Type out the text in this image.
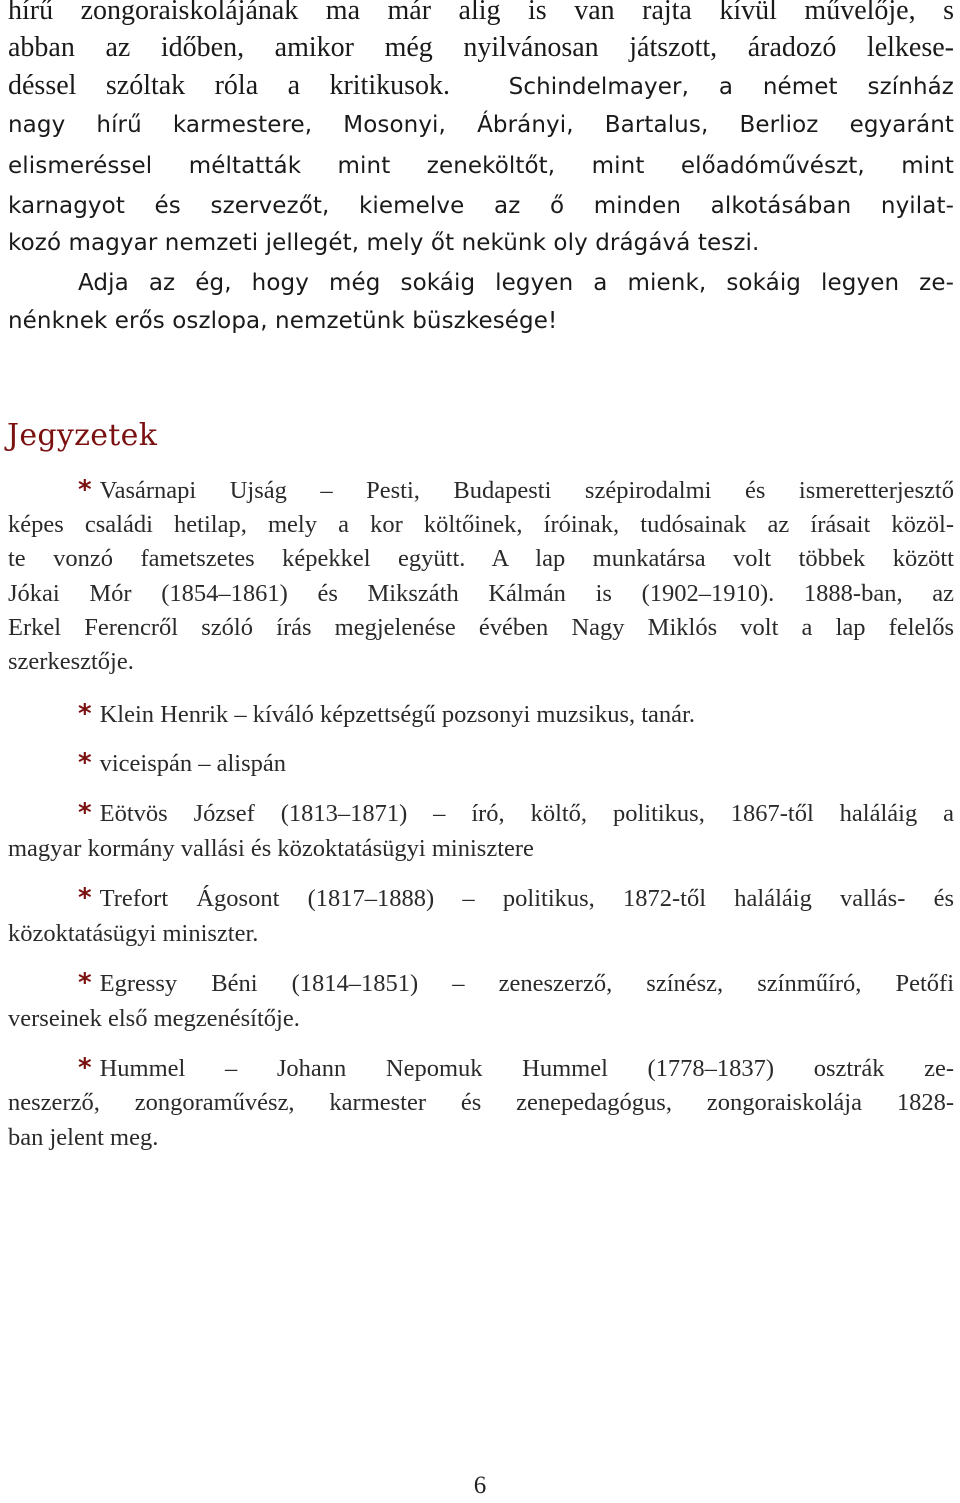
hírű zongoraiskolájának ma már alig is van rajta kívül művelője, s

abban az időben, amikor még nyilvánosan játszott, áradozó lelkese-

déssel szóltak róla a kritikusok.	Schindelmayer, a német színház

nagy hírű karmestere, Mosonyi, Ábrányi, Bartalus, Berlioz egyaránt

elismeréssel méltatták mint zeneköltőt, mint előadóművészt, mint

karnagyot és szervezőt, kiemelve az ő minden alkotásában nyilat-

kozó magyar nemzeti jellegét, mely őt nekünk oly drágává teszi.

Adja az ég, hogy még sokáig legyen a mienk, sokáig legyen ze-

nénknek erős oszlopa, nemzetünk büszkesége!

Jegyzetek

* Vasárnapi Ujság – Pesti, Budapesti szépirodalmi és ismeretterjesztő

képes családi hetilap, mely a kor költőinek, íróinak, tudósainak az írásait közöl-

te vonzó fametszetes képekkel együtt. A lap munkatársa volt többek között

Jókai Mór (1854–1861) és Mikszáth Kálmán is (1902–1910). 1888-ban, az

Erkel Ferencről szóló írás megjelenése évében Nagy Miklós volt a lap felelős

szerkesztője.

* Klein Henrik – kíváló képzettségű pozsonyi muzsikus, tanár.

* viceispán – alispán

* Eötvös József (1813–1871) – író, költő, politikus, 1867-től haláláig a

magyar kormány vallási és közoktatásügyi minisztere

* Trefort Ágosont (1817–1888) – politikus, 1872-től haláláig vallás- és

közoktatásügyi miniszter.

* Egressy Béni (1814–1851) – zeneszerző, színész, színműíró, Petőfi

verseinek első megzenésítője.

* Hummel – Johann Nepomuk Hummel (1778–1837) osztrák ze-

neszerző, zongoraművész, karmester és zenepedagógus, zongoraiskolája 1828-

ban jelent meg.

6
